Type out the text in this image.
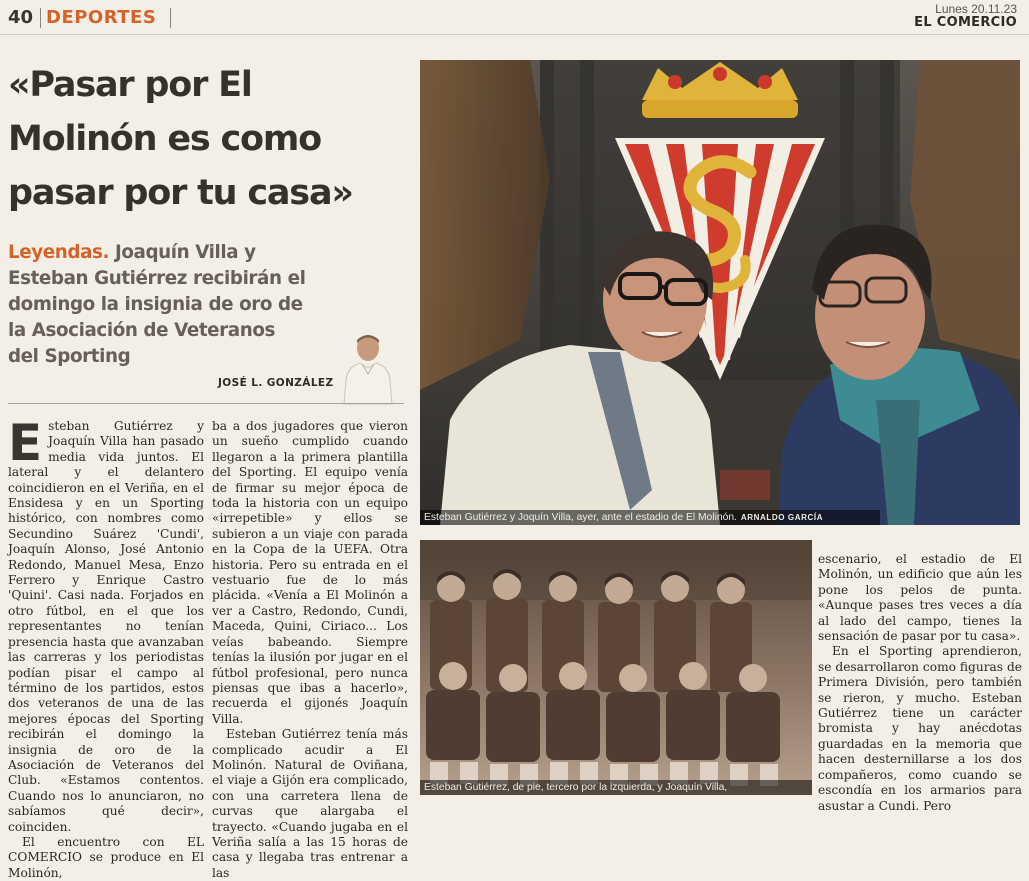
40 DEPORTES	Lunes 20.11.23
EL COMERCIO
«Pasar por El Molinón es como pasar por tu casa»
Leyendas. Joaquín Villa y Esteban Gutiérrez recibirán el domingo la insignia de oro de la Asociación de Veteranos del Sporting
JOSÉ L. GONZÁLEZ
E steban Gutiérrez y Joaquín Villa han pasado media vida juntos. El lateral y el delantero coincidieron en el Veriña, en el Ensidesa y en un Sporting histórico, con nombres como Secundino Suárez 'Cundi', Joaquín Alonso, José Antonio Redondo, Manuel Mesa, Enzo Ferrero y Enrique Castro 'Quini'. Casi nada. Forjados en otro fútbol, en el que los representantes no tenían presencia hasta que avanzaban las carreras y los periodistas podían pisar el campo al término de los partidos, estos dos veteranos de una de las mejores épocas del Sporting recibirán el domingo la insignia de oro de la Asociación de Veteranos del Club. «Estamos contentos. Cuando nos lo anunciaron, no sabíamos qué decir», coinciden.

El encuentro con EL COMERCIO se produce en El Molinón,

ba a dos jugadores que vieron un sueño cumplido cuando llegaron a la primera plantilla del Sporting. El equipo venía de firmar su mejor época de toda la historia con un equipo «irrepetible» y ellos se subieron a un viaje con parada en la Copa de la UEFA. Otra historia. Pero su entrada en el vestuario fue de lo más plácida. «Venía a El Molinón a ver a Castro, Redondo, Cundi, Maceda, Quini, Ciriaco... Los veías babeando. Siempre tenías la ilusión por jugar en el fútbol profesional, pero nunca piensas que ibas a hacerlo», recuerda el gijonés Joaquín Villa.

Esteban Gutiérrez tenía más complicado acudir a El Molinón. Natural de Oviñana, el viaje a Gijón era complicado, con una carretera llena de curvas que alargaba el trayecto. «Cuando jugaba en el Veriña salía a las 15 horas de casa y llegaba tras entrenar a las

Esteban Gutiérrez y Joquín Villa, ayer, ante el estadio de El Molinón. ARNALDO GARCÍA
Esteban Gutiérrez, de pie, tercero por la izquierda, y Joaquín Villa,

escenario, el estadio de El Molinón, un edificio que aún les pone los pelos de punta. «Aunque pases tres veces a día al lado del campo, tienes la sensación de pasar por tu casa».

En el Sporting aprendieron, se desarrollaron como figuras de Primera División, pero también se rieron, y mucho. Esteban Gutiérrez tiene un carácter bromista y hay anécdotas guardadas en la memoria que hacen desternillarse a los dos compañeros, como cuando se escondía en los armarios para asustar a Cundi. Pero
